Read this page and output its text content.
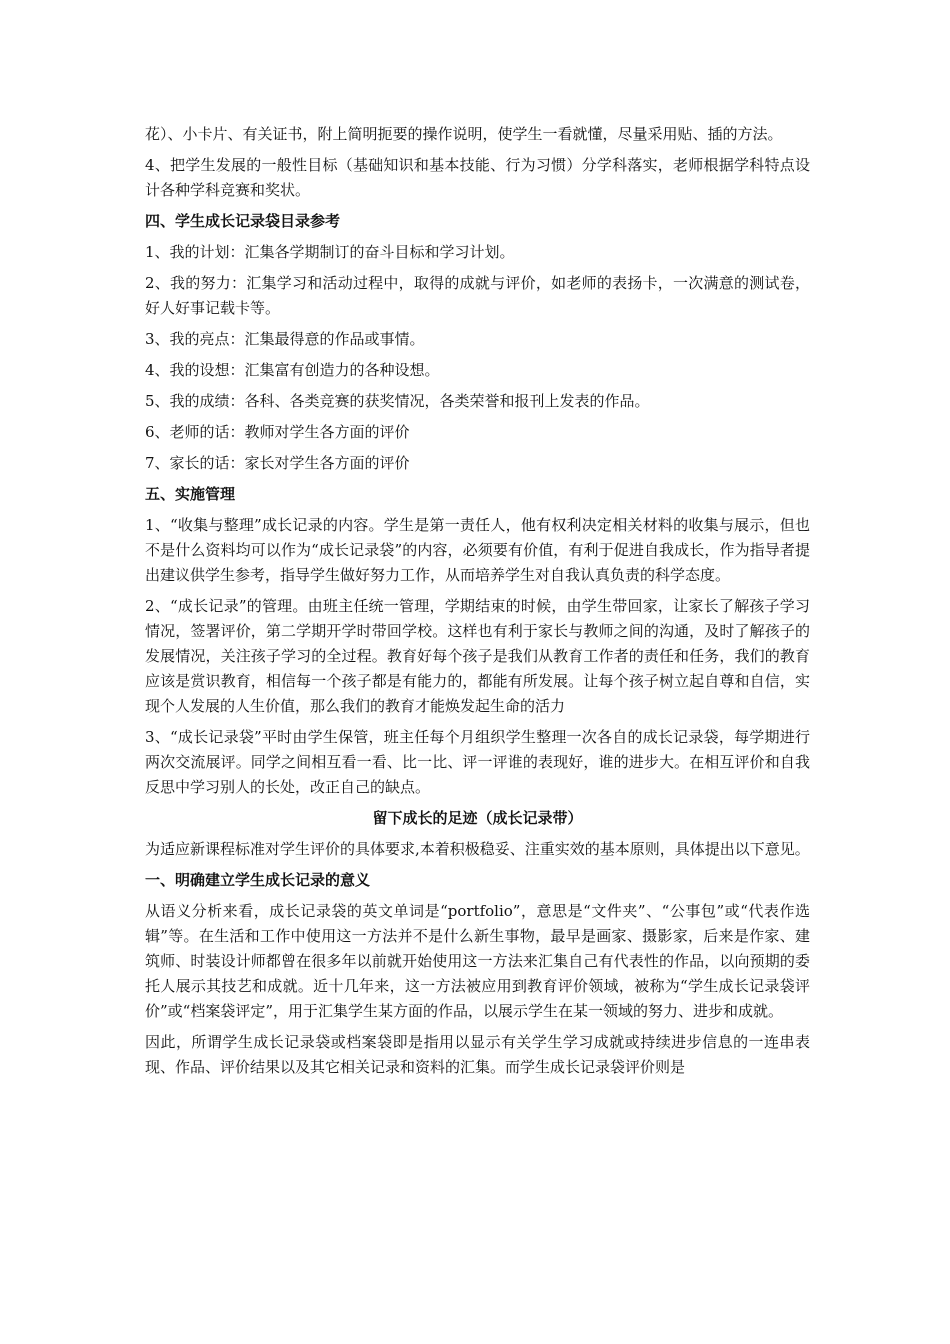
花）、小卡片、有关证书，附上简明扼要的操作说明，使学生一看就懂，尽量采用贴、插的方法。

4、把学生发展的一般性目标（基础知识和基本技能、行为习惯）分学科落实，老师根据学科特点设计各种学科竞赛和奖状。

四、学生成长记录袋目录参考

1、我的计划：汇集各学期制订的奋斗目标和学习计划。

2、我的努力：汇集学习和活动过程中，取得的成就与评价，如老师的表扬卡，一次满意的测试卷，好人好事记载卡等。

3、我的亮点：汇集最得意的作品或事情。

4、我的设想：汇集富有创造力的各种设想。

5、我的成绩：各科、各类竞赛的获奖情况，各类荣誉和报刊上发表的作品。

6、老师的话：教师对学生各方面的评价

7、家长的话：家长对学生各方面的评价

五、实施管理

1、“收集与整理”成长记录的内容。学生是第一责任人，他有权利决定相关材料的收集与展示，但也不是什么资料均可以作为“成长记录袋”的内容，必须要有价值，有利于促进自我成长，作为指导者提出建议供学生参考，指导学生做好努力工作，从而培养学生对自我认真负责的科学态度。

2、“成长记录”的管理。由班主任统一管理，学期结束的时候，由学生带回家，让家长了解孩子学习情况，签署评价，第二学期开学时带回学校。这样也有利于家长与教师之间的沟通，及时了解孩子的发展情况，关注孩子学习的全过程。教育好每个孩子是我们从教育工作者的责任和任务，我们的教育应该是赏识教育，相信每一个孩子都是有能力的，都能有所发展。让每个孩子树立起自尊和自信，实现个人发展的人生价值，那么我们的教育才能焕发起生命的活力

3、“成长记录袋”平时由学生保管，班主任每个月组织学生整理一次各自的成长记录袋，每学期进行两次交流展评。同学之间相互看一看、比一比、评一评谁的表现好，谁的进步大。在相互评价和自我反思中学习别人的长处，改正自己的缺点。

留下成长的足迹（成长记录带）

为适应新课程标准对学生评价的具体要求,本着积极稳妥、注重实效的基本原则，具体提出以下意见。

一、明确建立学生成长记录的意义

从语义分析来看，成长记录袋的英文单词是“portfolio”，意思是“文件夹”、“公事包”或“代表作选辑”等。在生活和工作中使用这一方法并不是什么新生事物，最早是画家、摄影家，后来是作家、建筑师、时装设计师都曾在很多年以前就开始使用这一方法来汇集自己有代表性的作品，以向预期的委托人展示其技艺和成就。近十几年来，这一方法被应用到教育评价领域，被称为“学生成长记录袋评价”或“档案袋评定”，用于汇集学生某方面的作品，以展示学生在某一领域的努力、进步和成就。

因此，所谓学生成长记录袋或档案袋即是指用以显示有关学生学习成就或持续进步信息的一连串表现、作品、评价结果以及其它相关记录和资料的汇集。而学生成长记录袋评价则是
